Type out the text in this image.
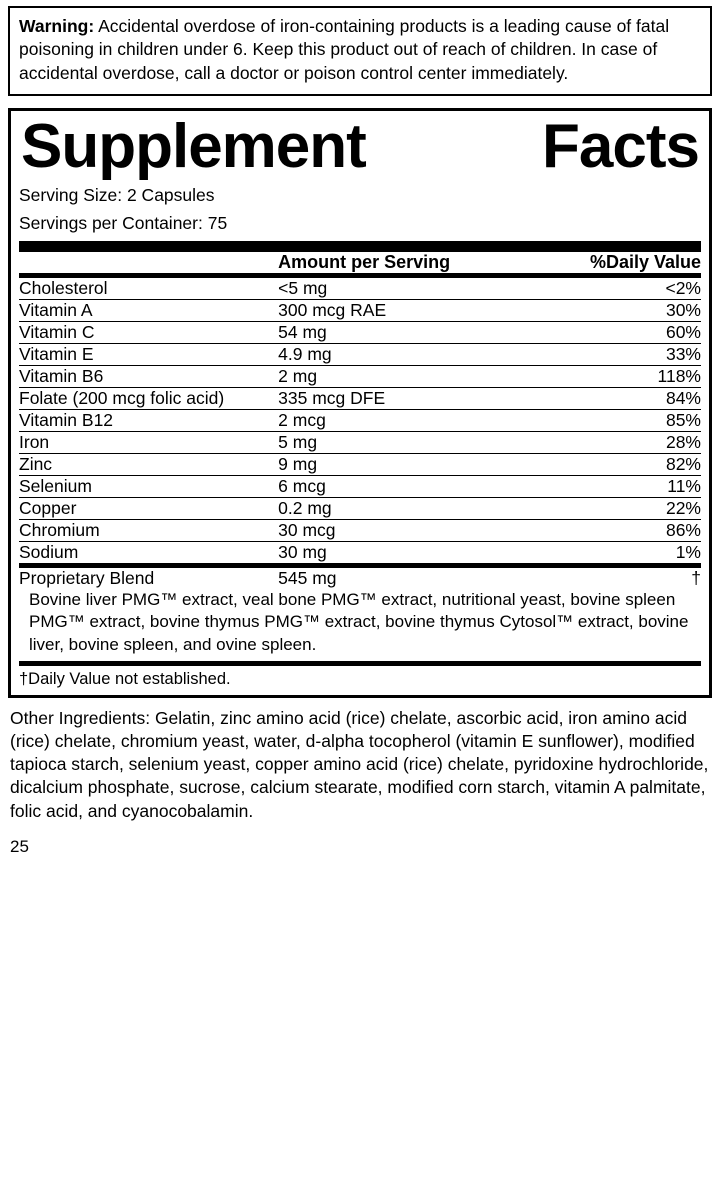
Warning: Accidental overdose of iron-containing products is a leading cause of fatal poisoning in children under 6. Keep this product out of reach of children. In case of accidental overdose, call a doctor or poison control center immediately.
Supplement	Facts
Serving Size: 2 Capsules
Servings per Container: 75
	Amount per Serving	%Daily Value
Cholesterol	<5 mg	<2%
Vitamin A	300 mcg RAE	30%
Vitamin C	54 mg	60%
Vitamin E	4.9 mg	33%
Vitamin B6	2 mg	118%
Folate (200 mcg folic acid)	335 mcg DFE	84%
Vitamin B12	2 mcg	85%
Iron	5 mg	28%
Zinc	9 mg	82%
Selenium	6 mcg	11%
Copper	0.2 mg	22%
Chromium	30 mcg	86%
Sodium	30 mg	1%
Proprietary Blend	545 mg	†
Bovine liver PMG™ extract, veal bone PMG™ extract, nutritional yeast, bovine spleen PMG™ extract, bovine thymus PMG™ extract, bovine thymus Cytosol™ extract, bovine liver, bovine spleen, and ovine spleen.
†Daily Value not established.
Other Ingredients: Gelatin, zinc amino acid (rice) chelate, ascorbic acid, iron amino acid (rice) chelate, chromium yeast, water, d-alpha tocopherol (vitamin E sunflower), modified tapioca starch, selenium yeast, copper amino acid (rice) chelate, pyridoxine hydrochloride, dicalcium phosphate, sucrose, calcium stearate, modified corn starch, vitamin A palmitate, folic acid, and cyanocobalamin.
25
